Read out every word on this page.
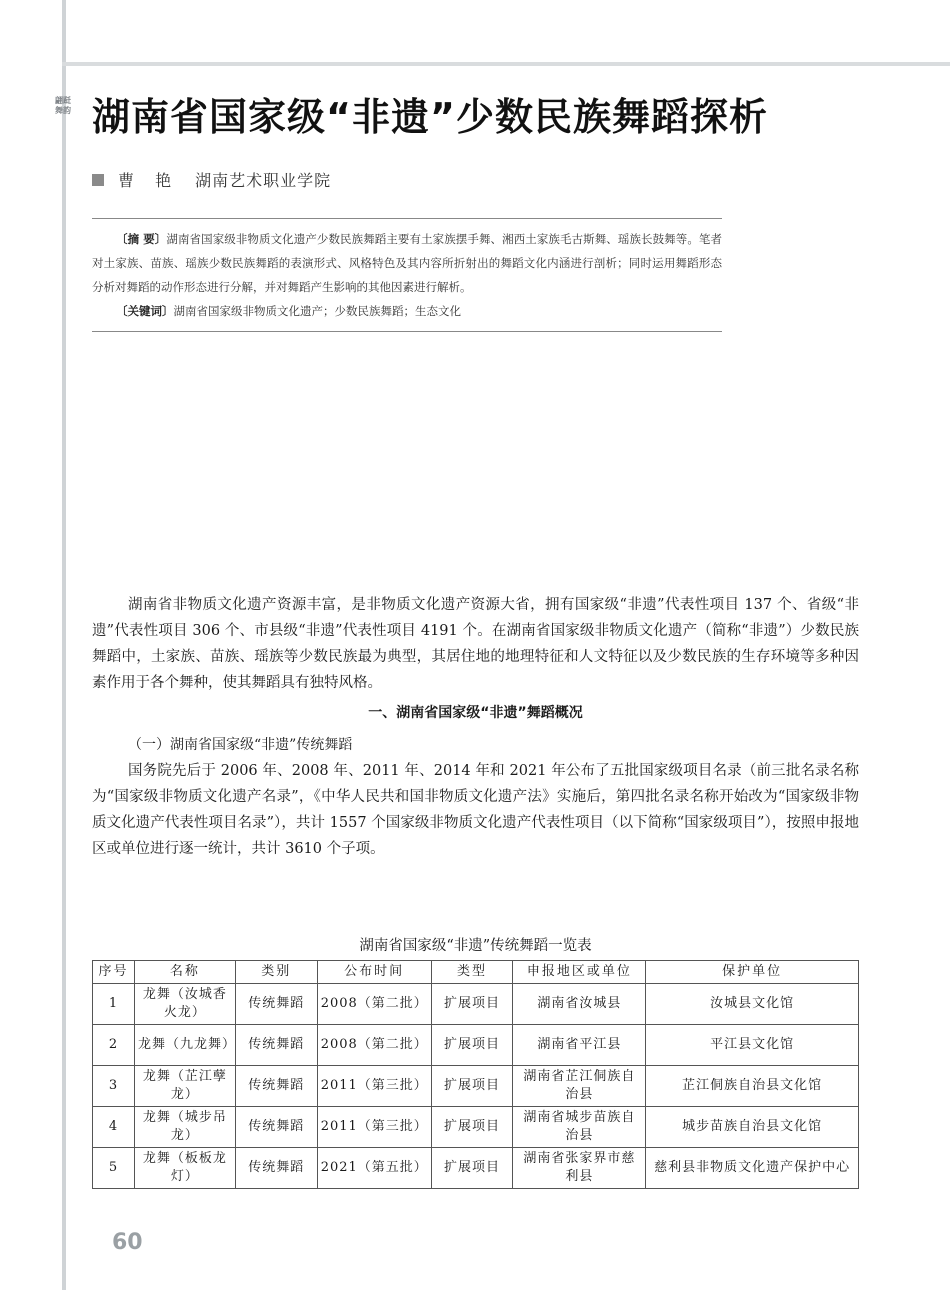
翩跹舞韵 湖南省国家级“非遗”少数民族舞蹈探析
曹 艳 湖南艺术职业学院

〔摘 要〕湖南省国家级非物质文化遗产少数民族舞蹈主要有土家族摆手舞、湘西土家族毛古斯舞、瑶族长鼓舞等。笔者对土家族、苗族、瑶族少数民族舞蹈的表演形式、风格特色及其内容所折射出的舞蹈文化内涵进行剖析；同时运用舞蹈形态分析对舞蹈的动作形态进行分解，并对舞蹈产生影响的其他因素进行解析。

〔关键词〕湖南省国家级非物质文化遗产；少数民族舞蹈；生态文化

湖南省非物质文化遗产资源丰富，是非物质文化遗产资源大省，拥有国家级“非遗”代表性项目 137 个、省级“非遗”代表性项目 306 个、市县级“非遗”代表性项目 4191 个。在湖南省国家级非物质文化遗产（简称“非遗”）少数民族舞蹈中，土家族、苗族、瑶族等少数民族最为典型，其居住地的地理特征和人文特征以及少数民族的生存环境等多种因素作用于各个舞种，使其舞蹈具有独特风格。

一、湖南省国家级“非遗”舞蹈概况
（一）湖南省国家级“非遗”传统舞蹈

国务院先后于 2006 年、2008 年、2011 年、2014 年和 2021 年公布了五批国家级项目名录（前三批名录名称为“国家级非物质文化遗产名录”，《中华人民共和国非物质文化遗产法》实施后，第四批名录名称开始改为“国家级非物质文化遗产代表性项目名录”），共计 1557 个国家级非物质文化遗产代表性项目（以下简称“国家级项目”），按照申报地区或单位进行逐一统计，共计 3610 个子项。

湖南省国家级“非遗”传统舞蹈一览表
序号	名称	类别	公布时间	类型	申报地区或单位	保护单位
1	龙舞（汝城香火龙）	传统舞蹈	2008（第二批）	扩展项目	湖南省汝城县	汝城县文化馆
2	龙舞（九龙舞）	传统舞蹈	2008（第二批）	扩展项目	湖南省平江县	平江县文化馆
3	龙舞（芷江孽龙）	传统舞蹈	2011（第三批）	扩展项目	湖南省芷江侗族自治县	芷江侗族自治县文化馆
4	龙舞（城步吊龙）	传统舞蹈	2011（第三批）	扩展项目	湖南省城步苗族自治县	城步苗族自治县文化馆
5	龙舞（板板龙灯）	传统舞蹈	2021（第五批）	扩展项目	湖南省张家界市慈利县	慈利县非物质文化遗产保护中心
60
